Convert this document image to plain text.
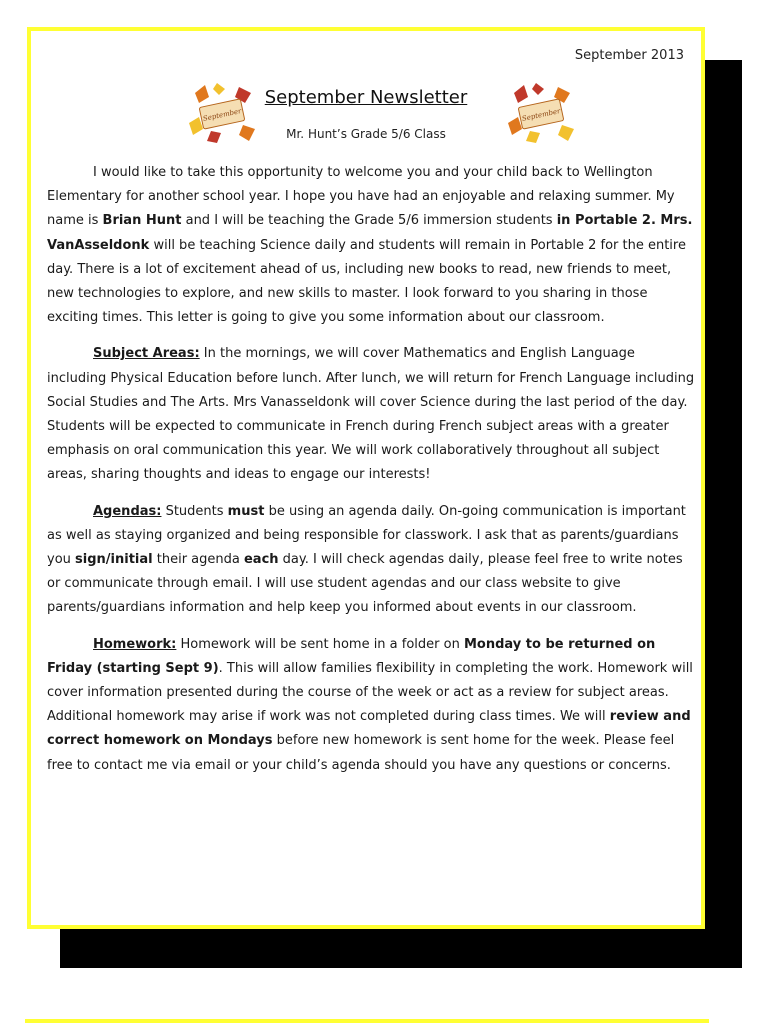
September 2013
September
September Newsletter
September
Mr. Hunt’s Grade 5/6 Class

I would like to take this opportunity to welcome you and your child back to Wellington Elementary for another school year. I hope you have had an enjoyable and relaxing summer. My name is Brian Hunt and I will be teaching the Grade 5/6 immersion students in Portable 2. Mrs. VanAsseldonk will be teaching Science daily and students will remain in Portable 2 for the entire day. There is a lot of excitement ahead of us, including new books to read, new friends to meet, new technologies to explore, and new skills to master. I look forward to you sharing in those exciting times. This letter is going to give you some information about our classroom.

Subject Areas: In the mornings, we will cover Mathematics and English Language including Physical Education before lunch. After lunch, we will return for French Language including Social Studies and The Arts. Mrs Vanasseldonk will cover Science during the last period of the day. Students will be expected to communicate in French during French subject areas with a greater emphasis on oral communication this year. We will work collaboratively throughout all subject areas, sharing thoughts and ideas to engage our interests!

Agendas: Students must be using an agenda daily. On-going communication is important as well as staying organized and being responsible for classwork. I ask that as parents/guardians you sign/initial their agenda each day. I will check agendas daily, please feel free to write notes or communicate through email. I will use student agendas and our class website to give parents/guardians information and help keep you informed about events in our classroom.

Homework: Homework will be sent home in a folder on Monday to be returned on Friday (starting Sept 9). This will allow families flexibility in completing the work. Homework will cover information presented during the course of the week or act as a review for subject areas. Additional homework may arise if work was not completed during class times. We will review and correct homework on Mondays before new homework is sent home for the week. Please feel free to contact me via email or your child’s agenda should you have any questions or concerns.
